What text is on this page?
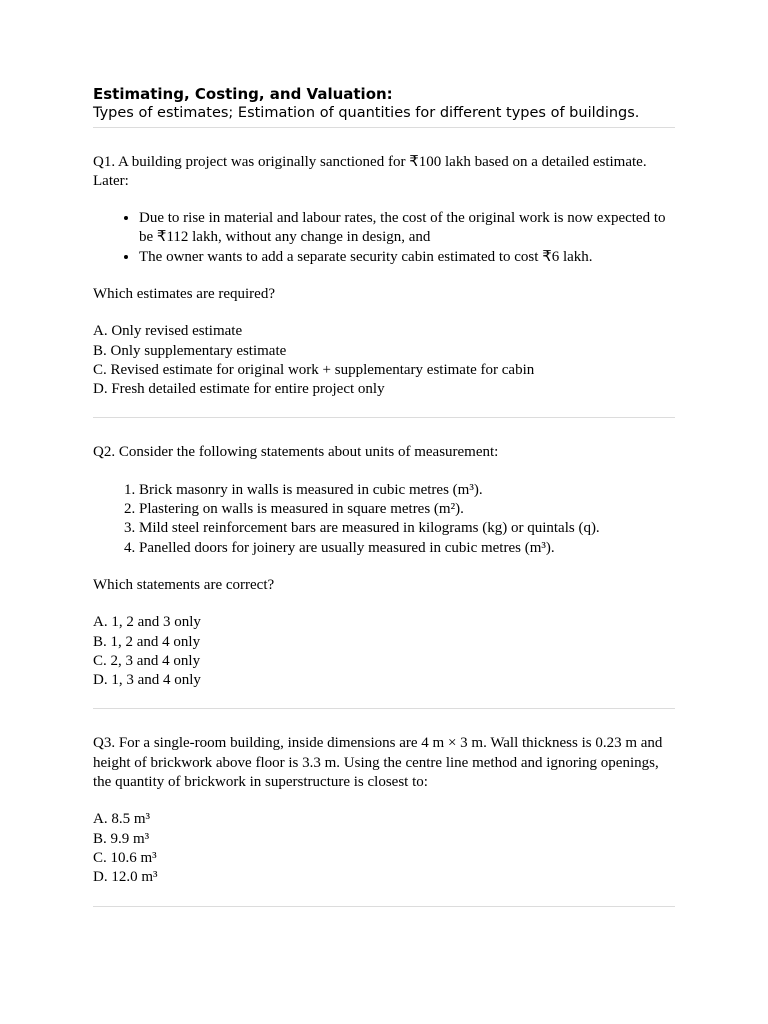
Estimating, Costing, and Valuation:

Types of estimates; Estimation of quantities for different types of buildings.

Q1. A building project was originally sanctioned for ₹100 lakh based on a detailed estimate. Later:

• Due to rise in material and labour rates, the cost of the original work is now expected to be ₹112 lakh, without any change in design, and
• The owner wants to add a separate security cabin estimated to cost ₹6 lakh.

Which estimates are required?

A. Only revised estimate
B. Only supplementary estimate
C. Revised estimate for original work + supplementary estimate for cabin
D. Fresh detailed estimate for entire project only

Q2. Consider the following statements about units of measurement:

1. Brick masonry in walls is measured in cubic metres (m³).
2. Plastering on walls is measured in square metres (m²).
3. Mild steel reinforcement bars are measured in kilograms (kg) or quintals (q).
4. Panelled doors for joinery are usually measured in cubic metres (m³).

Which statements are correct?

A. 1, 2 and 3 only
B. 1, 2 and 4 only
C. 2, 3 and 4 only
D. 1, 3 and 4 only

Q3. For a single-room building, inside dimensions are 4 m × 3 m. Wall thickness is 0.23 m and height of brickwork above floor is 3.3 m. Using the centre line method and ignoring openings, the quantity of brickwork in superstructure is closest to:

A. 8.5 m³
B. 9.9 m³
C. 10.6 m³
D. 12.0 m³
